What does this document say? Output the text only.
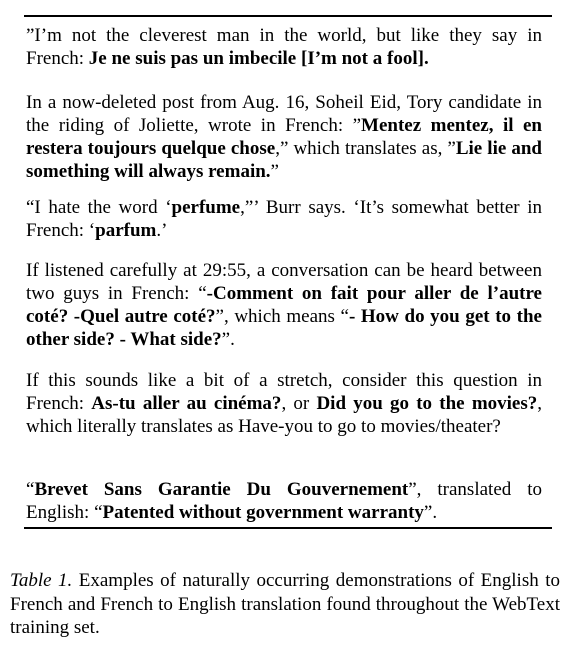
”I’m not the cleverest man in the world, but like they say in French: Je ne suis pas un imbecile [I’m not a fool].

In a now-deleted post from Aug. 16, Soheil Eid, Tory candidate in the riding of Joliette, wrote in French: ”Mentez mentez, il en restera toujours quelque chose,” which translates as, ”Lie lie and something will always remain.”

“I hate the word ‘perfume,”’ Burr says. ‘It’s somewhat better in French: ‘parfum.’

If listened carefully at 29:55, a conversation can be heard between two guys in French: “-Comment on fait pour aller de l’autre coté? -Quel autre coté?”, which means “- How do you get to the other side? - What side?”.

If this sounds like a bit of a stretch, consider this question in French: As-tu aller au cinéma?, or Did you go to the movies?, which literally translates as Have-you to go to movies/theater?

“Brevet Sans Garantie Du Gouvernement”, translated to English: “Patented without government warranty”.

Table 1. Examples of naturally occurring demonstrations of English to French and French to English translation found throughout the WebText training set.
